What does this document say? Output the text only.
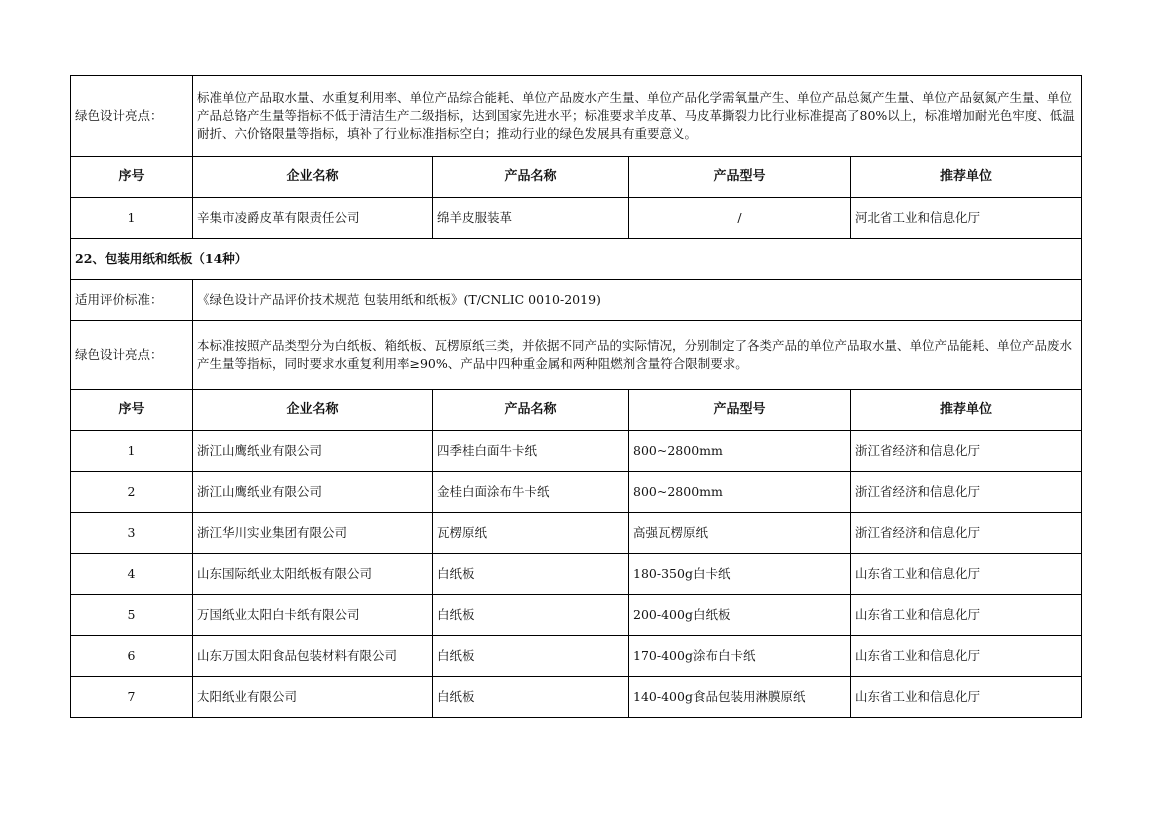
绿色设计亮点：	标准单位产品取水量、水重复利用率、单位产品综合能耗、单位产品废水产生量、单位产品化学需氧量产生、单位产品总氮产生量、单位产品氨氮产生量、单位产品总铬产生量等指标不低于清洁生产二级指标，达到国家先进水平；标准要求羊皮革、马皮革撕裂力比行业标准提高了80%以上，标准增加耐光色牢度、低温耐折、六价铬限量等指标，填补了行业标准指标空白；推动行业的绿色发展具有重要意义。			
序号	企业名称	产品名称	产品型号	推荐单位
1	辛集市凌爵皮革有限责任公司	绵羊皮服装革	/	河北省工业和信息化厅
22、包装用纸和纸板（14种）				
适用评价标准：	《绿色设计产品评价技术规范 包装用纸和纸板》(T/CNLIC 0010-2019)			
绿色设计亮点：	本标准按照产品类型分为白纸板、箱纸板、瓦楞原纸三类，并依据不同产品的实际情况，分别制定了各类产品的单位产品取水量、单位产品能耗、单位产品废水产生量等指标，同时要求水重复利用率≥90%、产品中四种重金属和两种阻燃剂含量符合限制要求。			
序号	企业名称	产品名称	产品型号	推荐单位
1	浙江山鹰纸业有限公司	四季桂白面牛卡纸	800~2800mm	浙江省经济和信息化厅
2	浙江山鹰纸业有限公司	金桂白面涂布牛卡纸	800~2800mm	浙江省经济和信息化厅
3	浙江华川实业集团有限公司	瓦楞原纸	高强瓦楞原纸	浙江省经济和信息化厅
4	山东国际纸业太阳纸板有限公司	白纸板	180-350g白卡纸	山东省工业和信息化厅
5	万国纸业太阳白卡纸有限公司	白纸板	200-400g白纸板	山东省工业和信息化厅
6	山东万国太阳食品包装材料有限公司	白纸板	170-400g涂布白卡纸	山东省工业和信息化厅
7	太阳纸业有限公司	白纸板	140-400g食品包装用淋膜原纸	山东省工业和信息化厅
